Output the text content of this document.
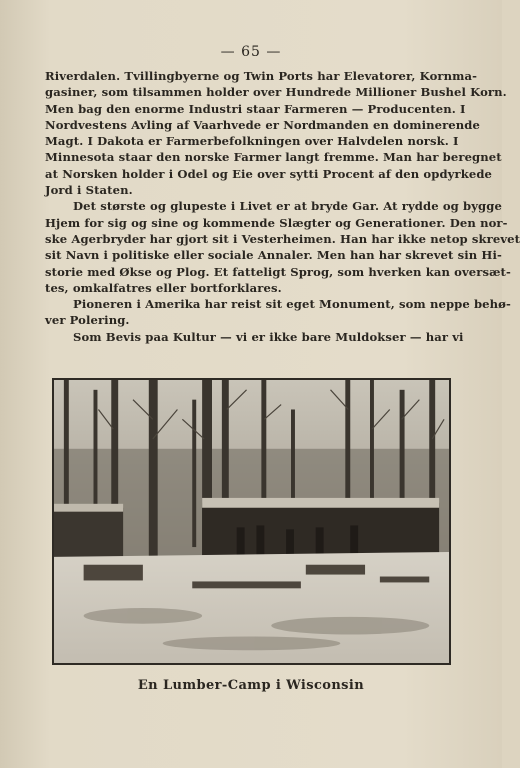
— 65 —
Riverdalen. Tvillingbyerne og Twin Ports har Elevatorer, Kornma-
gasiner, som tilsammen holder over Hundrede Millioner Bushel Korn.
Men bag den enorme Industri staar Farmeren — Producenten. I
Nordvestens Avling af Vaarhvede er Nordmanden en dominerende
Magt. I Dakota er Farmerbefolkningen over Halvdelen norsk. I
Minnesota staar den norske Farmer langt fremme. Man har beregnet
at Norsken holder i Odel og Eie over sytti Procent af den opdyrkede
Jord i Staten.
Det største og glupeste i Livet er at bryde Gar. At rydde og bygge
Hjem for sig og sine og kommende Slægter og Generationer. Den nor-
ske Agerbryder har gjort sit i Vesterheimen. Han har ikke netop skrevet
sit Navn i politiske eller sociale Annaler. Men han har skrevet sin Hi-
storie med Økse og Plog. Et fatteligt Sprog, som hverken kan oversæt-
tes, omkalfatres eller bortforklares.
Pioneren i Amerika har reist sit eget Monument, som neppe behø-
ver Polering.
Som Bevis paa Kultur — vi er ikke bare Muldokser — har vi
En Lumber-Camp i Wisconsin
